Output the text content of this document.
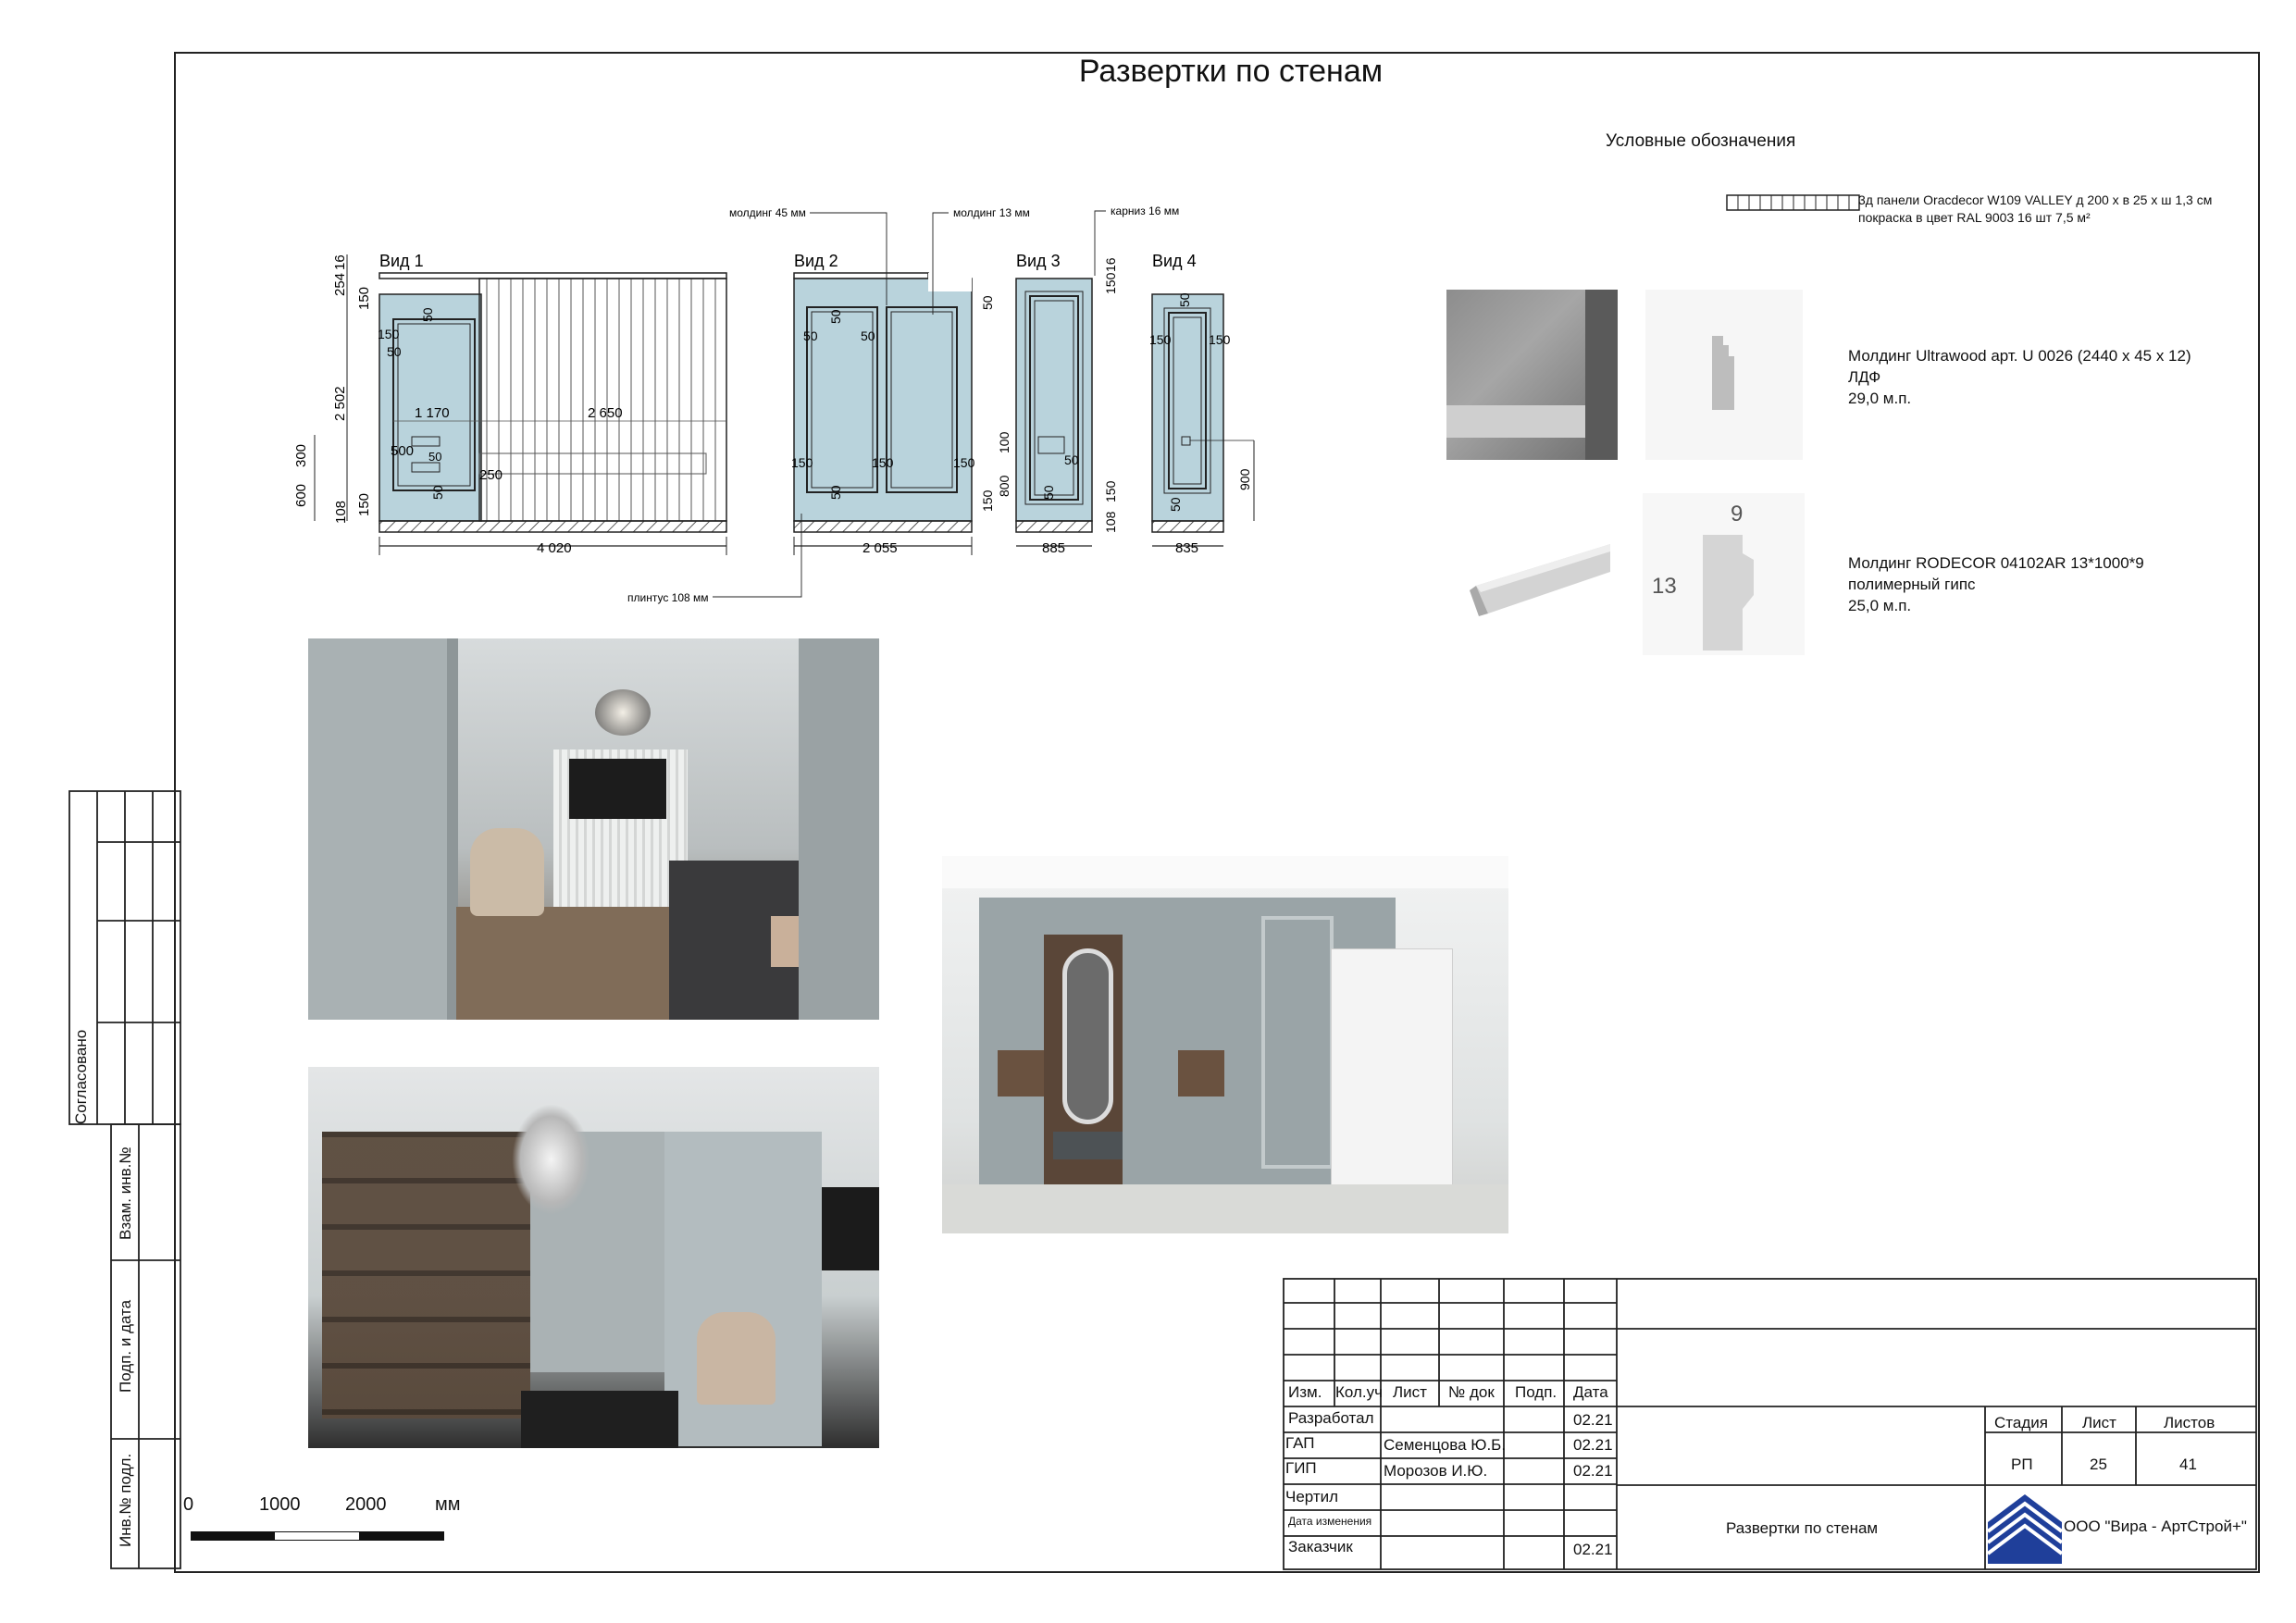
Развертки по стенам
Условные обозначения
Вид 1
4 020
1 170	2 650
2 502
254
16
150
300
600
108 150
500
250
150
50
50
50
50
Вид 2
2 055
50
50	50
50
150	150	150
50
150
Вид 3
885
100
800
50
50	150
108
150
16 Вид 4
835
150	150
50
50
900
молдинг 45 мм	молдинг 13 мм	карниз 16 мм
плинтус 108 мм
3д панели Oracdecor W109 VALLEY д 200 х в 25 х ш 1,3 см
покраска в цвет RAL 9003 16 шт 7,5 м²
Молдинг Ultrawood арт. U 0026 (2440 х 45 х 12)
ЛДФ
29,0 м.п.
9
13
Молдинг RODECOR 04102AR 13*1000*9
полимерный гипс
25,0 м.п.
Согласовано
Взам. инв.№
Подп. и дата
Инв.№ подл.	0	1000 2000	мм
Изм. Кол.уч Лист № док Подп. Дата
Разработал	02.21
ГАП	Семенцова Ю.Б.	02.21
ГИП	Морозов И.Ю.	02.21
Чертил
Дата изменения
Заказчик	02.21
Развертки по стенам
Стадия Лист	Листов
РП	25	41
ООО "Вира - АртСтрой+"
